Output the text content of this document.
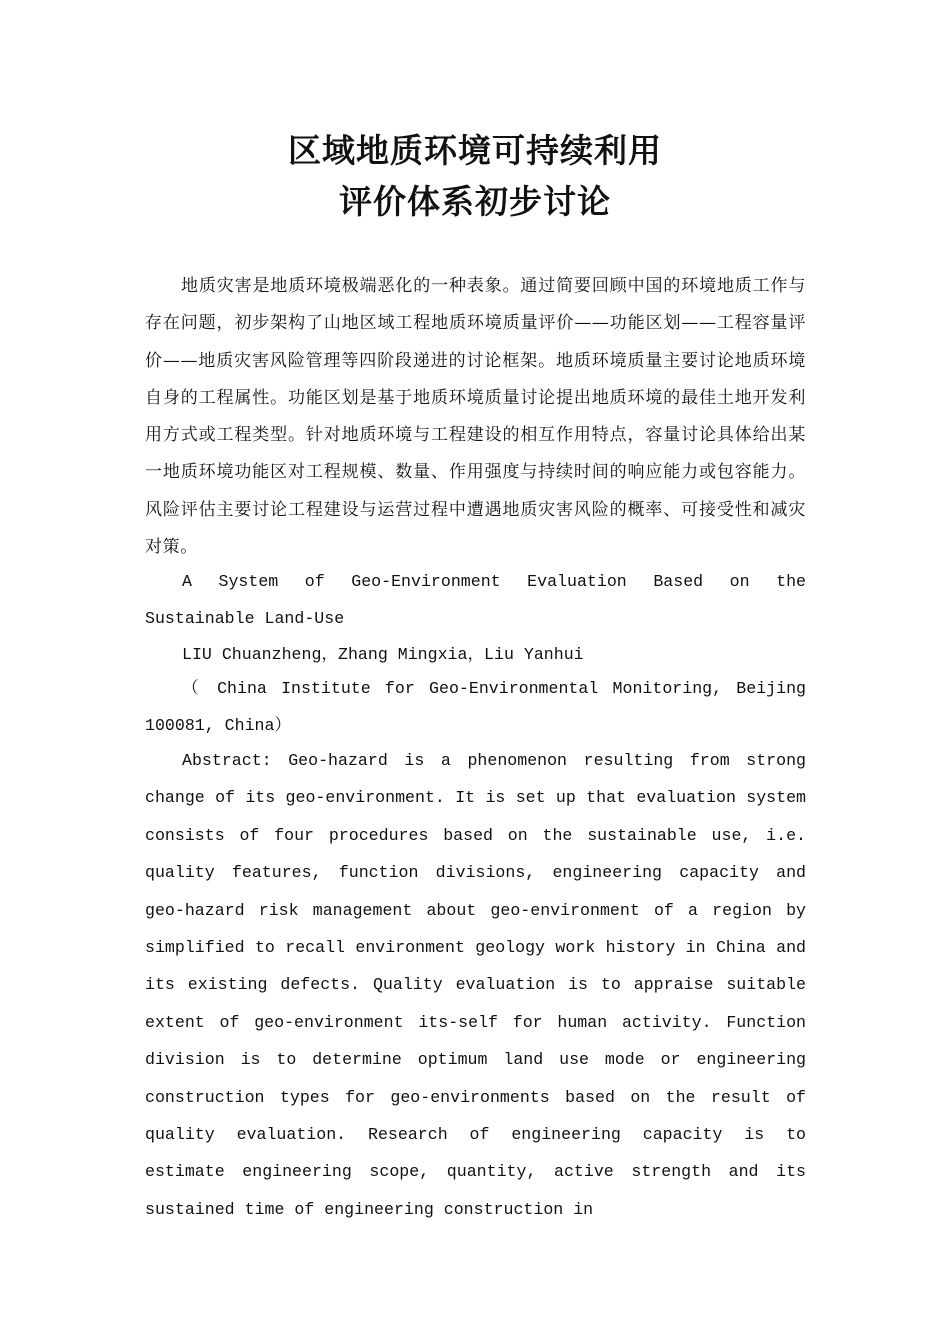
区域地质环境可持续利用
评价体系初步讨论

地质灾害是地质环境极端恶化的一种表象。通过简要回顾中国的环境地质工作与存在问题，初步架构了山地区域工程地质环境质量评价——功能区划——工程容量评价——地质灾害风险管理等四阶段递进的讨论框架。地质环境质量主要讨论地质环境自身的工程属性。功能区划是基于地质环境质量讨论提出地质环境的最佳土地开发利用方式或工程类型。针对地质环境与工程建设的相互作用特点，容量讨论具体给出某一地质环境功能区对工程规模、数量、作用强度与持续时间的响应能力或包容能力。风险评估主要讨论工程建设与运营过程中遭遇地质灾害风险的概率、可接受性和减灾对策。

A System of Geo-Environment Evaluation Based on the Sustainable Land-Use

LIU Chuanzheng，Zhang Mingxia，Liu Yanhui

（ China Institute for Geo-Environmental Monitoring, Beijing 100081, China）

Abstract: Geo-hazard is a phenomenon resulting from strong change of its geo-environment. It is set up that evaluation system consists of four procedures based on the sustainable use, i.e. quality features, function divisions, engineering capacity and geo-hazard risk management about geo-environment of a region by simplified to recall environment geology work history in China and its existing defects. Quality evaluation is to appraise suitable extent of geo-environment its-self for human activity. Function division is to determine optimum land use mode or engineering construction types for geo-environments based on the result of quality evaluation. Research of engineering capacity is to estimate engineering scope, quantity, active strength and its sustained time of engineering construction in
